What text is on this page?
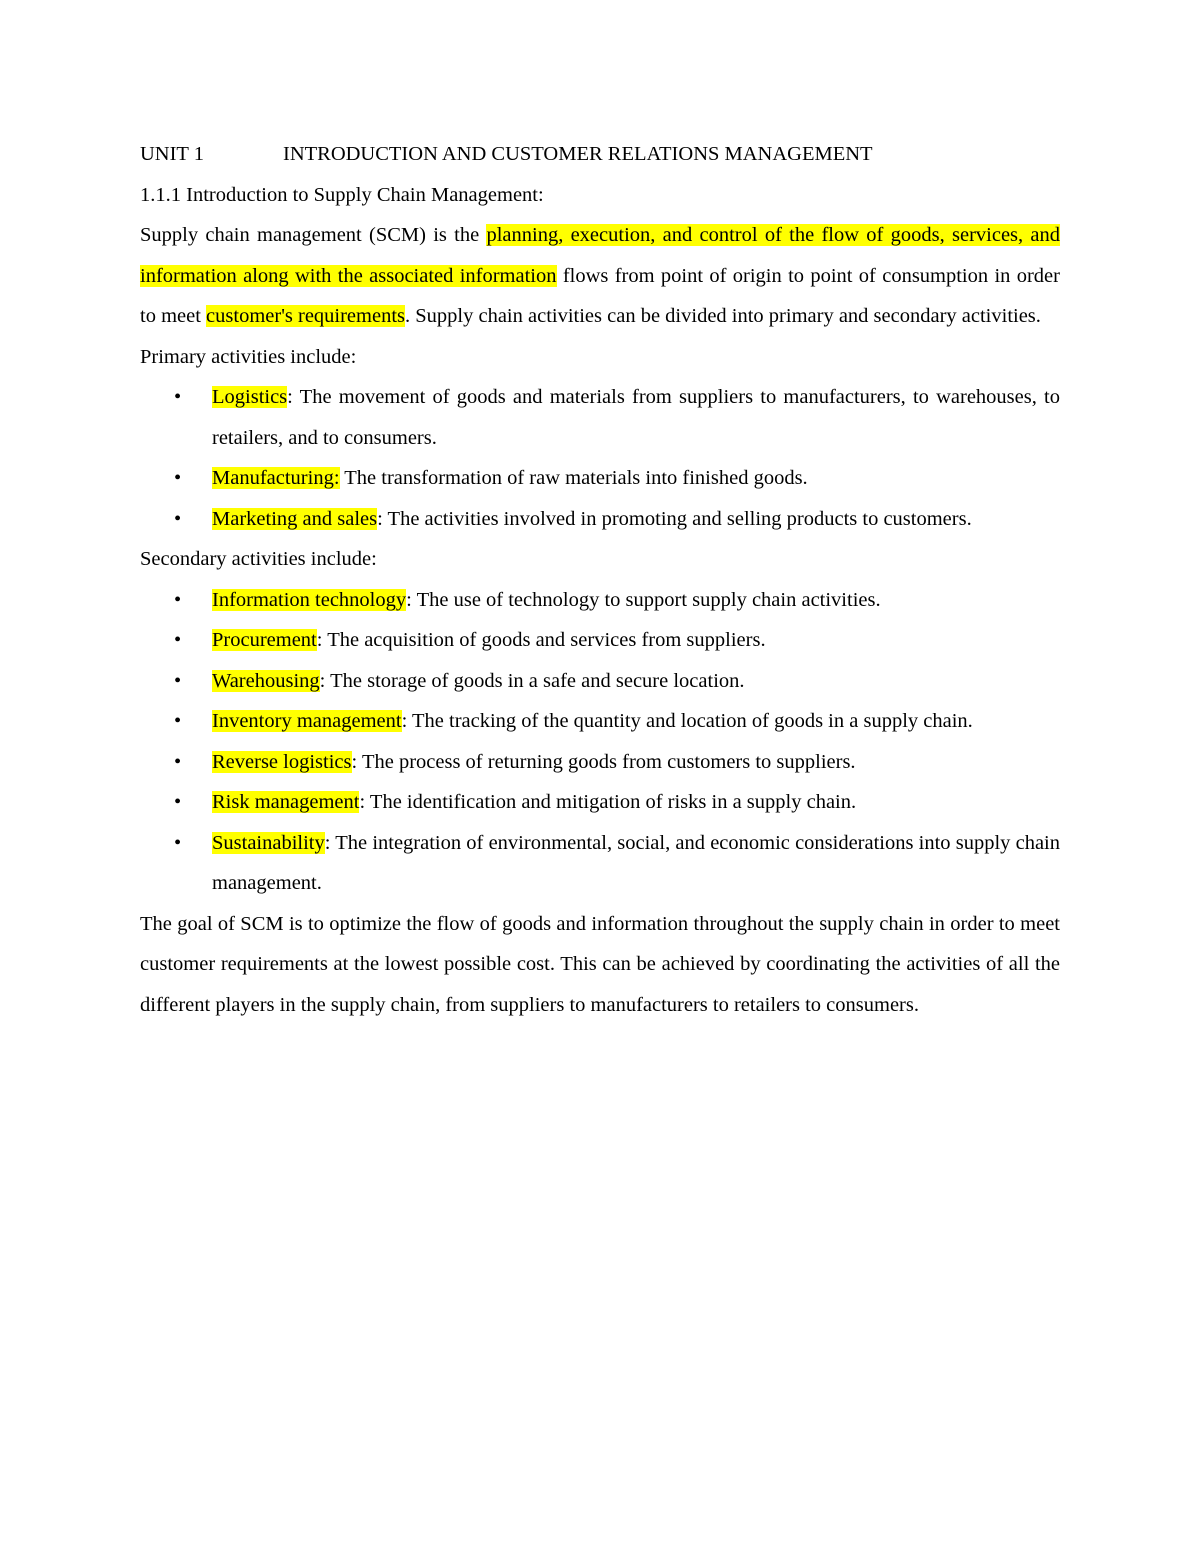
UNIT 1	INTRODUCTION AND CUSTOMER RELATIONS MANAGEMENT
1.1.1 Introduction to Supply Chain Management:
Supply chain management (SCM) is the planning, execution, and control of the flow of goods, services, and information along with the associated information flows from point of origin to point of consumption in order to meet customer's requirements. Supply chain activities can be divided into primary and secondary activities.
Primary activities include:
• Logistics: The movement of goods and materials from suppliers to manufacturers, to warehouses, to retailers, and to consumers.
• Manufacturing: The transformation of raw materials into finished goods.
• Marketing and sales: The activities involved in promoting and selling products to customers.
Secondary activities include:
• Information technology: The use of technology to support supply chain activities.
• Procurement: The acquisition of goods and services from suppliers.
• Warehousing: The storage of goods in a safe and secure location.
• Inventory management: The tracking of the quantity and location of goods in a supply chain.
• Reverse logistics: The process of returning goods from customers to suppliers.
• Risk management: The identification and mitigation of risks in a supply chain.
• Sustainability: The integration of environmental, social, and economic considerations into supply chain management.
The goal of SCM is to optimize the flow of goods and information throughout the supply chain in order to meet customer requirements at the lowest possible cost. This can be achieved by coordinating the activities of all the different players in the supply chain, from suppliers to manufacturers to retailers to consumers.
